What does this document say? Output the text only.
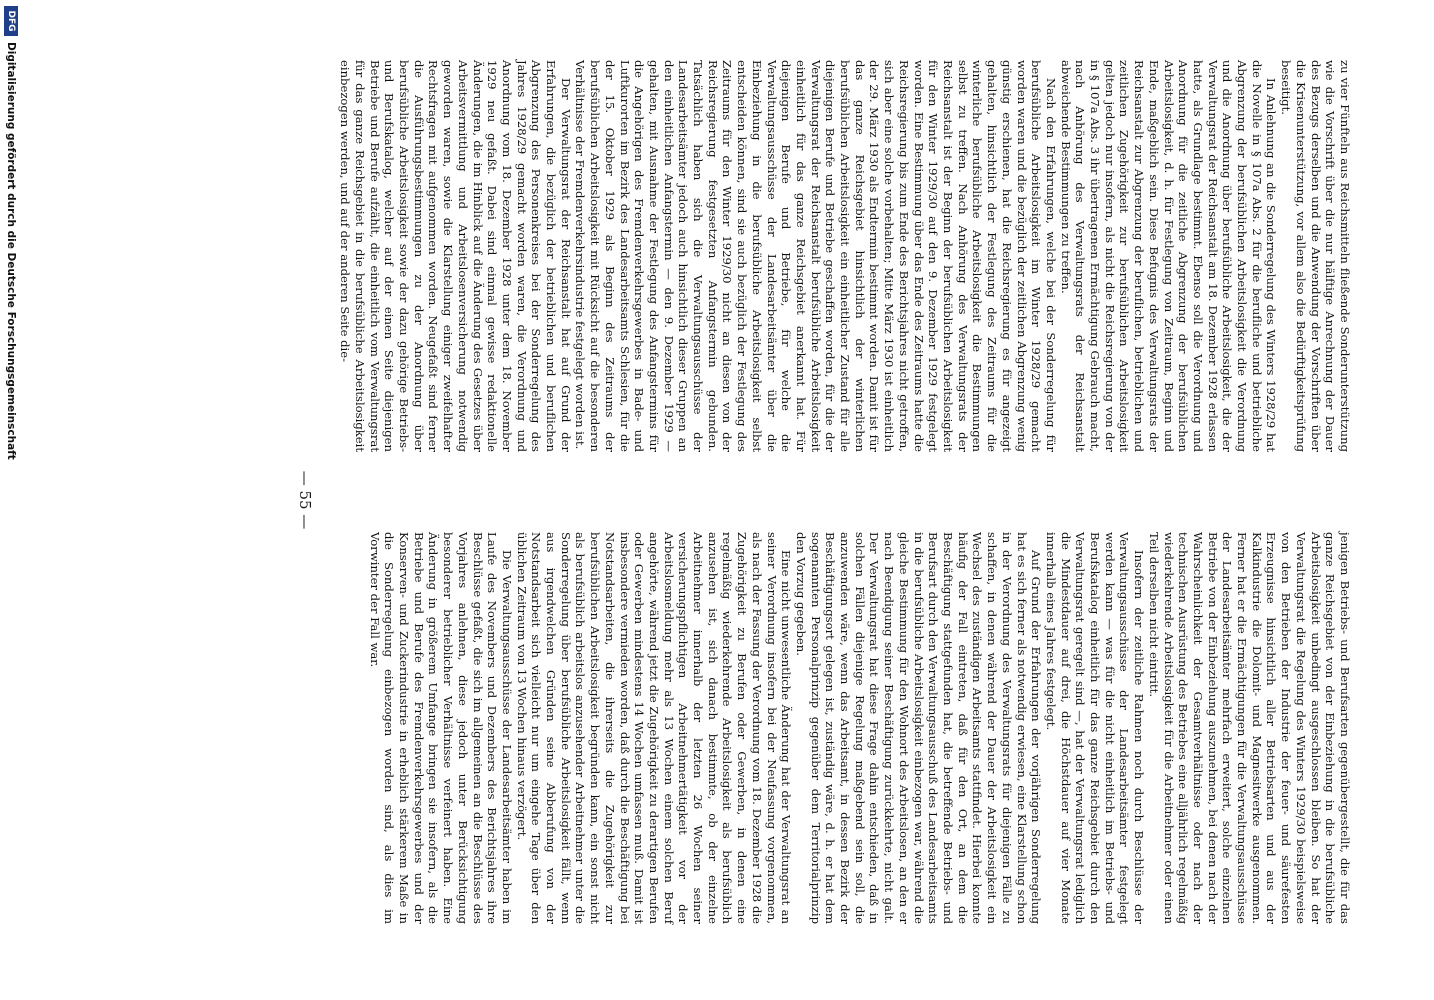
— 55 —

zu vier Fünfteln aus Reichsmitteln fließende Sonderunterstützung wie die Vorschrift über die nur hälftige Anrechnung der Dauer des Bezugs derselben und die Anwendung der Vorschriften über die Krisenunterstützung, vor allem also die Bedürftigkeitsprüfung beseitigt.

In Anlehnung an die Sonderregelung des Winters 1928/29 hat die Novelle in § 107a Abs. 2 für die berufliche und betriebliche Abgrenzung der berufsüblichen Arbeitslosigkeit die Verordnung und die Anordnung über berufsübliche Arbeitslosigkeit, die der Verwaltungsrat der Reichsanstalt am 18. Dezember 1928 erlassen hatte, als Grundlage bestimmt. Ebenso soll die Verordnung und Anordnung für die zeitliche Abgrenzung der berufsüblichen Arbeitslosigkeit, d. h. für Festlegung von Zeitraum, Beginn und Ende, maßgeblich sein. Diese Befugnis des Verwaltungsrats der Reichsanstalt zur Abgrenzung der beruflichen, betrieblichen und zeitlichen Zugehörigkeit zur berufsüblichen Arbeitslosigkeit gelten jedoch nur insofern, als nicht die Reichsregierung von der in § 107a Abs. 3 ihr übertragenen Ermächtigung Gebrauch macht, nach Anhörung des Verwaltungsrats der Reichsanstalt abweichende Bestimmungen zu treffen.

Nach den Erfahrungen, welche bei der Sonderregelung für berufsübliche Arbeitslosigkeit im Winter 1928/29 gemacht worden waren und die bezüglich der zeitlichen Abgrenzung wenig günstig erschienen, hat die Reichsregierung es für angezeigt gehalten, hinsichtlich der Festlegung des Zeitraums für die winterliche berufsübliche Arbeitslosigkeit die Bestimmungen selbst zu treffen. Nach Anhörung des Verwaltungsrats der Reichsanstalt ist der Beginn der berufsüblichen Arbeitslosigkeit für den Winter 1929/30 auf den 9. Dezember 1929 festgelegt worden. Eine Bestimmung über das Ende des Zeitraums hatte die Reichsregierung bis zum Ende des Berichtsjahres nicht getroffen, sich aber eine solche vorbehalten; Mitte März 1930 ist einheitlich der 29. März 1930 als Endtermin bestimmt worden. Damit ist für das ganze Reichsgebiet hinsichtlich der winterlichen berufsüblichen Arbeitslosigkeit ein einheitlicher Zustand für alle diejenigen Berufe und Betriebe geschaffen worden, für die der Verwaltungsrat der Reichsanstalt berufsübliche Arbeitslosigkeit einheitlich für das ganze Reichsgebiet anerkannt hat. Für diejenigen Berufe und Betriebe, für welche die Verwaltungsausschüsse der Landesarbeitsämter über die Einbeziehung in die berufsübliche Arbeitslosigkeit selbst entscheiden können, sind sie auch bezüglich der Festlegung des Zeitraums für den Winter 1929/30 nicht an diesen von der Reichsregierung festgesetzten Anfangstermin gebunden. Tatsächlich haben sich die Verwaltungsausschüsse der Landesarbeitsämter jedoch auch hinsichtlich dieser Gruppen an den einheitlichen Anfangstermin — den 9. Dezember 1929 — gehalten, mit Ausnahme der Festlegung des Anfangstermins für die Angehörigen des Fremdenverkehrsgewerbes in Bade- und Luftkurorten im Bezirk des Landesarbeitsamts Schlesien, für die der 15. Oktober 1929 als Beginn des Zeitraums der berufsüblichen Arbeitslosigkeit mit Rücksicht auf die besonderen Verhältnisse der Fremdenverkehrsindustrie festgelegt worden ist.

Der Verwaltungsrat der Reichsanstalt hat auf Grund der Erfahrungen, die bezüglich der betrieblichen und beruflichen Abgrenzung des Personenkreises bei der Sonderregelung des Jahres 1928/29 gemacht worden waren, die Verordnung und Anordnung vom 18. Dezember 1928 unter dem 18. November 1929 neu gefaßt. Dabei sind einmal gewisse redaktionelle Änderungen, die im Hinblick auf die Änderung des Gesetzes über Arbeitsvermittlung und Arbeitslosenversicherung notwendig geworden waren, sowie die Klarstellung einiger zweifelhafter Rechtsfragen mit aufgenommen worden. Neugefaßt sind ferner die Ausführungsbestimmungen zu der Anordnung über berufsübliche Arbeitslosigkeit sowie der dazu gehörige Betriebs- und Berufskatalog, welcher auf der einen Seite diejenigen Betriebe und Berufe aufzählt, die einheitlich vom Verwaltungsrat für das ganze Reichsgebiet in die berufsübliche Arbeitslosigkeit einbezogen werden, und auf der anderen Seite die-

jenigen Betriebs- und Berufsarten gegenübergestellt, die für das ganze Reichsgebiet von der Einbeziehung in die berufsübliche Arbeitslosigkeit unbedingt ausgeschlossen bleiben. So hat der Verwaltungsrat die Regelung des Winters 1929/30 beispielsweise von den Betrieben der Industrie der feuer- und säurefesten Erzeugnisse hinsichtlich aller Betriebsarten und aus der Kalkindustrie die Dolomit- und Magnesitwerke ausgenommen. Ferner hat er die Ermächtigungen für die Verwaltungsausschüsse der Landesarbeitsämter mehrfach erweitert, solche einzelnen Betriebe von der Einbeziehung auszunehmen, bei denen nach der Wahrscheinlichkeit der Gesamtverhältnisse oder nach der technischen Ausrüstung des Betriebes eine alljährlich regelmäßig wiederkehrende Arbeitslosigkeit für die Arbeitnehmer oder einen Teil derselben nicht eintritt.

Insofern der zeitliche Rahmen noch durch Beschlüsse der Verwaltungsausschüsse der Landesarbeitsämter festgelegt werden kann — was für die nicht einheitlich im Betriebs- und Berufskatalog einheitlich für das ganze Reichsgebiet durch den Verwaltungsrat geregelt sind —, hat der Verwaltungsrat lediglich die Mindestdauer auf drei, die Höchstdauer auf vier Monate innerhalb eines Jahres festgelegt.

Auf Grund der Erfahrungen der vorjährigen Sonderregelung hat es sich ferner als notwendig erwiesen, eine Klarstellung schon in der Verordnung des Verwaltungsrats für diejenigen Fälle zu schaffen, in denen während der Dauer der Arbeitslosigkeit ein Wechsel des zuständigen Arbeitsamts stattfindet. Hierbei konnte häufig der Fall eintreten, daß für den Ort, an dem die Beschäftigung stattgefunden hat, die betreffende Betriebs- und Berufsart durch den Verwaltungsausschuß des Landesarbeitsamts in die berufsübliche Arbeitslosigkeit einbezogen war, während die gleiche Bestimmung für den Wohnort des Arbeitslosen, an den er nach Beendigung seiner Beschäftigung zurückkehrte, nicht galt. Der Verwaltungsrat hat diese Frage dahin entschieden, daß in solchen Fällen diejenige Regelung maßgebend sein soll, die anzuwenden wäre, wenn das Arbeitsamt, in dessen Bezirk der Beschäftigungsort gelegen ist, zuständig wäre, d. h. er hat dem sogenannten Personalprinzip gegenüber dem Territorialprinzip den Vorzug gegeben.

Eine nicht unwesentliche Änderung hat der Verwaltungsrat an seiner Verordnung insofern bei der Neufassung vorgenommen, als nach der Fassung der Verordnung vom 18. Dezember 1928 die Zugehörigkeit zu Berufen oder Gewerben, in denen eine regelmäßig wiederkehrende Arbeitslosigkeit als berufsüblich anzusehen ist, sich danach bestimmte, ob der einzelne Arbeitnehmer innerhalb der letzten 26 Wochen seiner versicherungspflichtigen Arbeitnehmertätigkeit vor der Arbeitslosmeldung mehr als 13 Wochen einem solchen Beruf angehörte, während jetzt die Zugehörigkeit zu derartigen Berufen oder Gewerben mindestens 14 Wochen umfassen muß. Damit ist insbesondere vermieden worden, daß durch die Beschäftigung bei Notstandsarbeiten, die ihrerseits die Zugehörigkeit zur berufsüblichen Arbeitslosigkeit begründen kann, ein sonst nicht als berufsüblich arbeitslos anzusehender Arbeitnehmer unter die Sonderregelung über berufsübliche Arbeitslosigkeit fällt, wenn aus irgendwelchen Gründen seine Abberufung von der Notstandsarbeit sich vielleicht nur um eingehe Tage über den üblichen Zeitraum von 13 Wochen hinaus verzögert.

Die Verwaltungsausschüsse der Landesarbeitsämter haben im Laufe des Novembers und Dezembers des Berichtsjahres ihre Beschlüsse gefaßt, die sich im allgemeinen an die Beschlüsse des Vorjahres anlehnen, diese jedoch unter Berücksichtigung besonderer betrieblicher Verhältnisse verfeinert haben. Eine Änderung in größerem Umfange bringen sie insofern, als die Betriebe und Berufe des Fremdenverkehrsgewerbes und der Konserven- und Zuckerindustrie in erheblich stärkerem Maße in die Sonderregelung einbezogen worden sind, als dies im Vorwinter der Fall war.

DFG
Digitalisierung gefördert durch die Deutsche Forschungsgemeinschaft
